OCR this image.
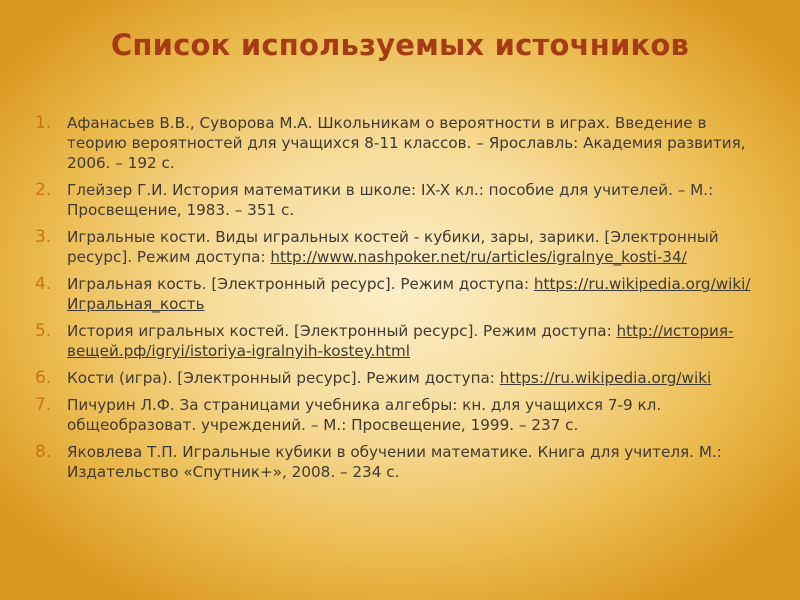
Список используемых источников
1.	Афанасьев В.В., Суворова М.А. Школьникам о вероятности в играх. Введение в теорию вероятностей для учащихся 8-11 классов. – Ярославль: Академия развития, 2006. – 192 с.
2.	Глейзер Г.И. История математики в школе: IX-X кл.: пособие для учителей. – М.: Просвещение, 1983. – 351 с.
3.	Игральные кости. Виды игральных костей - кубики, зары, зарики. [Электронный ресурс]. Режим доступа: http://www.nashpoker.net/ru/articles/igralnye_kosti-34/
4.	Игральная кость. [Электронный ресурс]. Режим доступа: https://ru.wikipedia.org/wiki/Игральная_кость
5.	История игральных костей. [Электронный ресурс]. Режим доступа: http://история-вещей.рф/igryi/istoriya-igralnyih-kostey.html
6.	Кости (игра). [Электронный ресурс]. Режим доступа: https://ru.wikipedia.org/wiki
7.	Пичурин Л.Ф. За страницами учебника алгебры: кн. для учащихся 7-9 кл. общеобразоват. учреждений. – М.: Просвещение, 1999. – 237 с.
8.	Яковлева Т.П. Игральные кубики в обучении математике. Книга для учителя. М.: Издательство «Спутник+», 2008. – 234 с.
